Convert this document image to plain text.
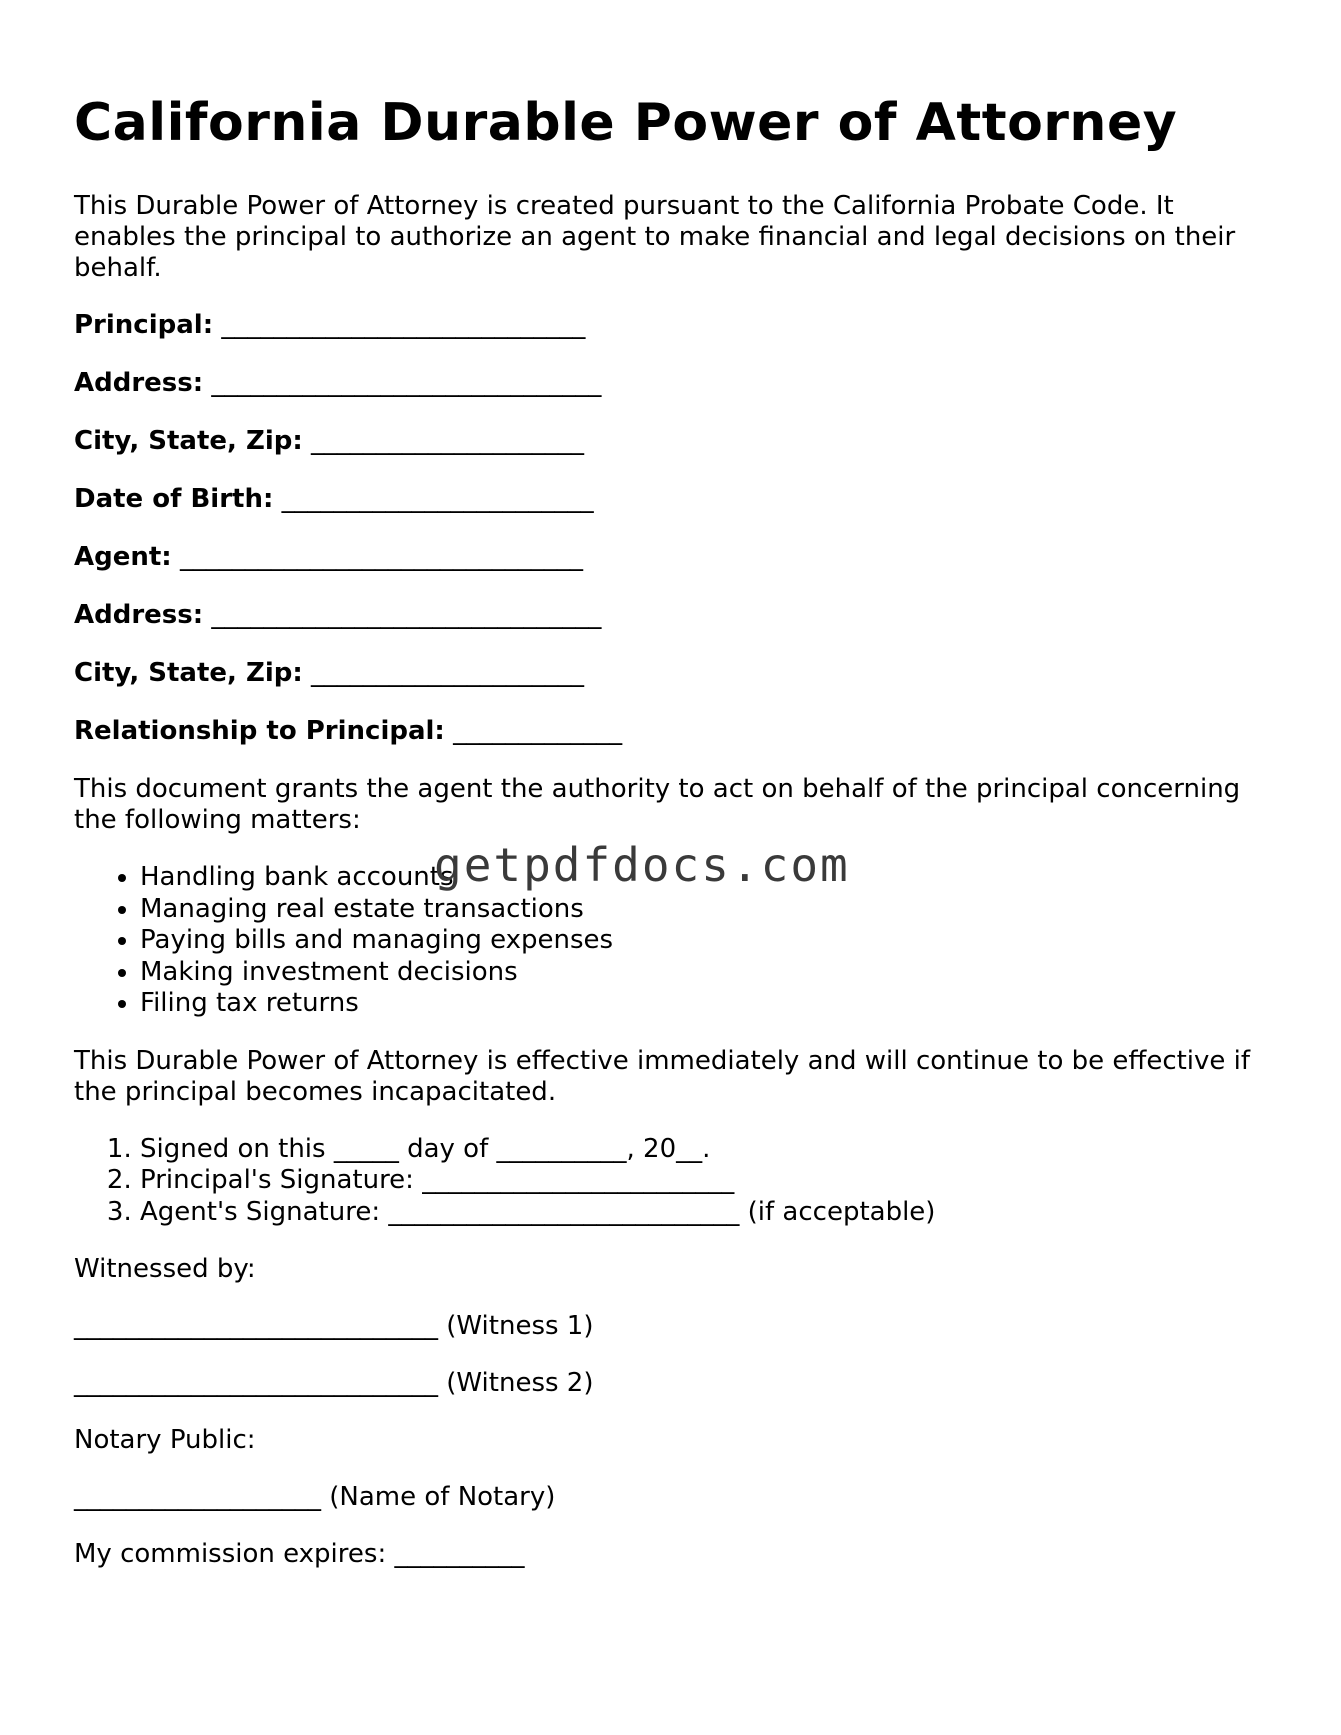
California Durable Power of Attorney

This Durable Power of Attorney is created pursuant to the California Probate Code. It enables the principal to authorize an agent to make financial and legal decisions on their behalf.

Principal: ____________________________
Address: ______________________________
City, State, Zip: _____________________
Date of Birth: ________________________
Agent: _______________________________
Address: ______________________________
City, State, Zip: _____________________
Relationship to Principal: _____________

This document grants the agent the authority to act on behalf of the principal concerning the following matters:

• Handling bank accounts
• Managing real estate transactions
• Paying bills and managing expenses
• Making investment decisions
• Filing tax returns

This Durable Power of Attorney is effective immediately and will continue to be effective if the principal becomes incapacitated.

1. Signed on this _____ day of __________, 20__.
2. Principal's Signature: ________________________
3. Agent's Signature: ___________________________ (if acceptable)

Witnessed by:

____________________________ (Witness 1)

____________________________ (Witness 2)

Notary Public:

___________________ (Name of Notary)

My commission expires: __________

getpdfdocs.com
